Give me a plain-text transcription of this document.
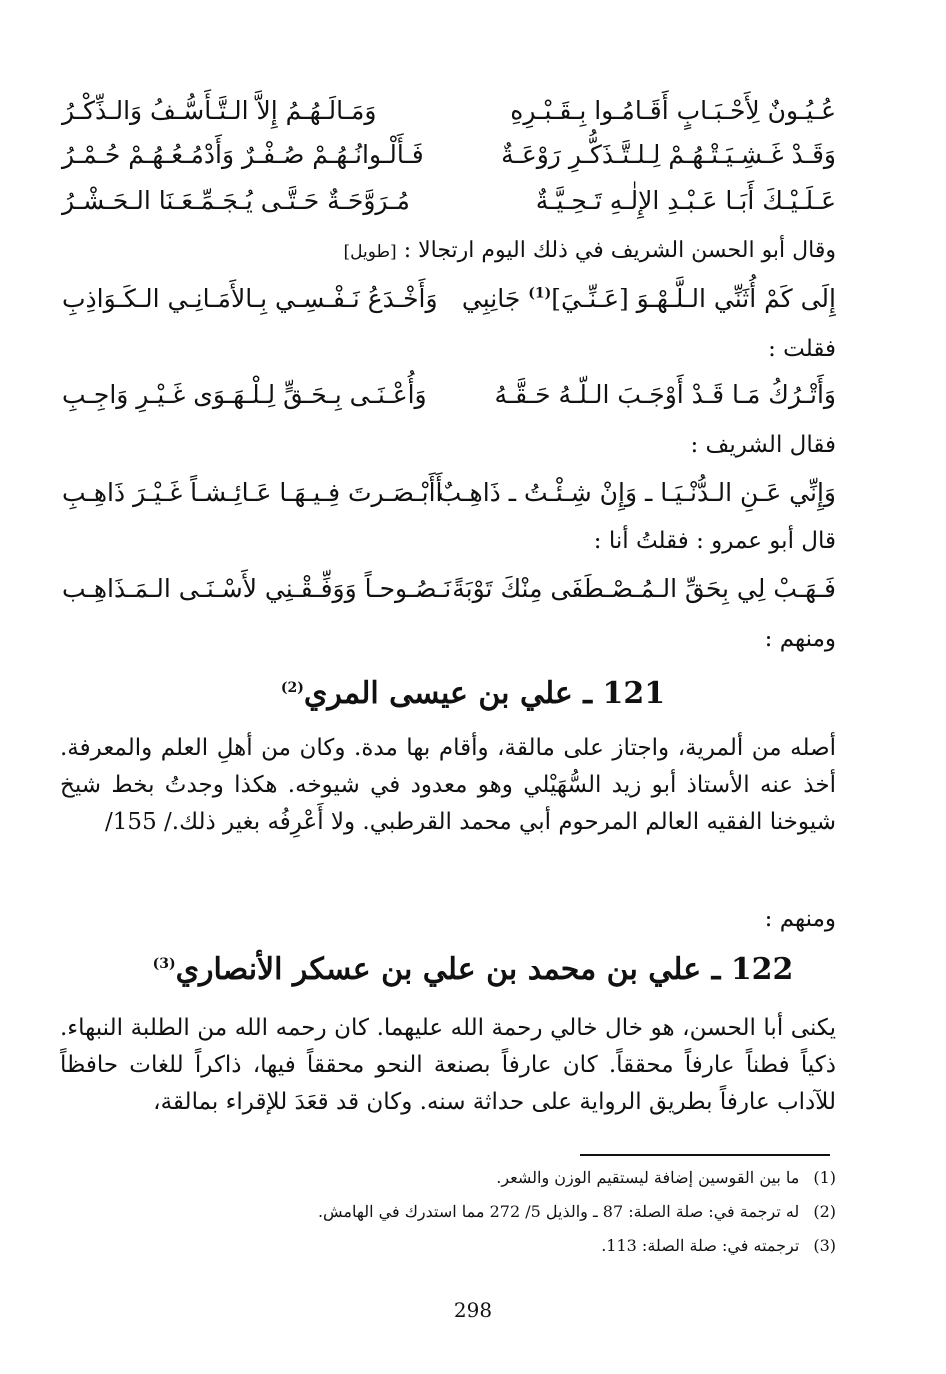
عُـيُـونٌ لِأَحْـبَـابٍ أَقَـامُـوا بِـقَـبْـرِهِ
وَمَـالَـهُـمُ إِلاَّ الـتَّـأَسُّـفُ وَالـذِّكْـرُ
وَقَـدْ غَـشِـيَـتْـهُـمْ لِـلـتَّـذَكُّـرِ رَوْعَـةٌ
فَـأَلْـوانُـهُـمْ صُـفْـرٌ وَأَدْمُـعُـهُـمْ حُـمْـرُ
عَـلَـيْـكَ أَبَـا عَـبْـدِ الإِلٰـهِ تَـحِـيَّـةٌ
مُـرَوَّحَـةٌ حَـتَّـى يُـجَـمِّـعَـنَا الـحَـشْـرُ
وقال أبو الحسن الشريف في ذلك اليوم ارتجالا : [طويل]
إِلَى كَمْ أُثَنِّي الـلَّـهْـوَ [عَـنِّـيَ]$^{(1)}$ جَانِبِي
وَأَخْـدَعُ نَـفْـسِـي بِـالأَمَـانِـي الـكَـوَاذِبِ
فقلت :
وَأَتْـرُكُ مَـا قَـدْ أَوْجَـبَ الـلّـهُ حَـقَّـهُ
وَأُعْـنَـى بِـحَـقٍّ لِـلْـهَـوَى غَـيْـرِ وَاجِـبِ
فقال الشريف :
وَإِنِّي عَـنِ الـدُّنْـيَـا ـ وَإِنْ شِـئْـتُ ـ ذَاهِـبٌ
أَأَبْـصَـرتَ فِـيـهَـا عَـائِـشـاً غَـيْـرَ ذَاهِـبِ
قال أبو عمرو : فقلتُ أنا :
فَـهَـبْ لِي بِحَقِّ الـمُـصْـطَفَى مِنْكَ تَوْبَةً
نَـصُـوحـاً وَوَفِّـقْـنِي لأَسْـنَـى الـمَـذَاهِـب
ومنهم :
121 ـ علي بن عيسى المري$^{(2)}$
أصله من ألمرية، واجتاز على مالقة، وأقام بها مدة. وكان من أهلِ العلم والمعرفة. أخذ عنه الأستاذ أبو زيد السُّهَيْلي وهو معدود في شيوخه. هكذا وجدتُ بخط شيخ شيوخنا الفقيه العالم المرحوم أبي محمد القرطبي. ولا أَعْرِفُه بغير ذلك./ 155/
ومنهم :
122 ـ علي بن محمد بن علي بن عسكر الأنصاري$^{(3)}$
يكنى أبا الحسن، هو خال خالي رحمة الله عليهما. كان رحمه الله من الطلبة النبهاء. ذكياً فطناً عارفاً محققاً. كان عارفاً بصنعة النحو محققاً فيها، ذاكراً للغات حافظاً للآداب عارفاً بطريق الرواية على حداثة سنه. وكان قد قعَدَ للإقراء بمالقة،
(1)ما بين القوسين إضافة ليستقيم الوزن والشعر.
(2)له ترجمة في: صلة الصلة: 87 ـ والذيل 5/ 272 مما استدرك في الهامش.
(3)ترجمته في: صلة الصلة: 113.
298
